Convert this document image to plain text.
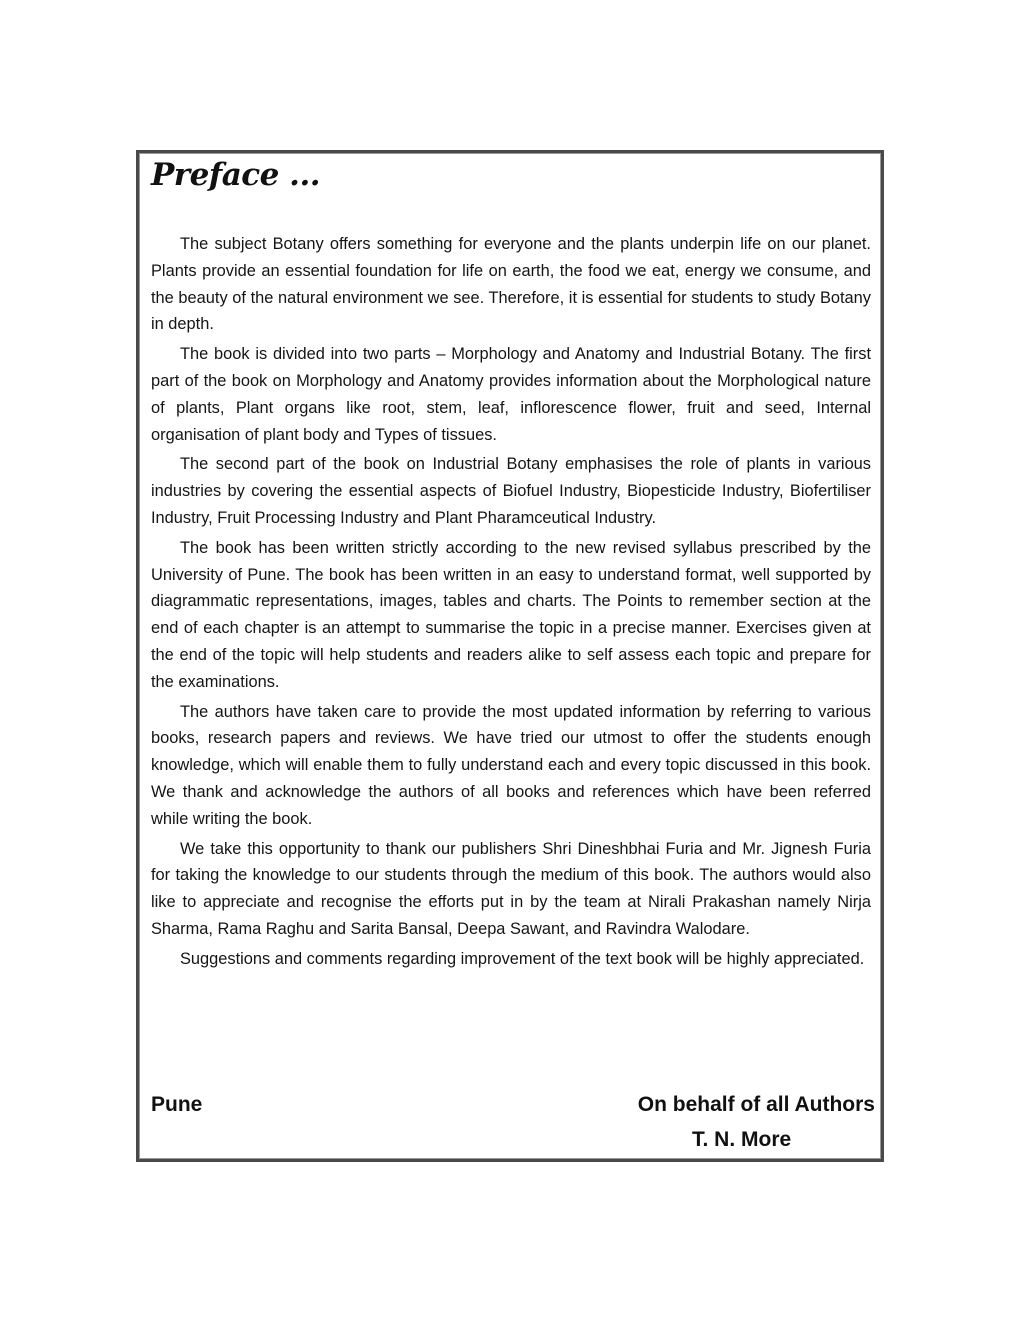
Preface ...

The subject Botany offers something for everyone and the plants underpin life on our planet. Plants provide an essential foundation for life on earth, the food we eat, energy we consume, and the beauty of the natural environment we see. Therefore, it is essential for students to study Botany in depth.

The book is divided into two parts – Morphology and Anatomy and Industrial Botany. The first part of the book on Morphology and Anatomy provides information about the Morphological nature of plants, Plant organs like root, stem, leaf, inflorescence flower, fruit and seed, Internal organisation of plant body and Types of tissues.

The second part of the book on Industrial Botany emphasises the role of plants in various industries by covering the essential aspects of Biofuel Industry, Biopesticide Industry, Biofertiliser Industry, Fruit Processing Industry and Plant Pharamceutical Industry.

The book has been written strictly according to the new revised syllabus prescribed by the University of Pune. The book has been written in an easy to understand format, well supported by diagrammatic representations, images, tables and charts. The Points to remember section at the end of each chapter is an attempt to summarise the topic in a precise manner. Exercises given at the end of the topic will help students and readers alike to self assess each topic and prepare for the examinations.

The authors have taken care to provide the most updated information by referring to various books, research papers and reviews. We have tried our utmost to offer the students enough knowledge, which will enable them to fully understand each and every topic discussed in this book. We thank and acknowledge the authors of all books and references which have been referred while writing the book.

We take this opportunity to thank our publishers Shri Dineshbhai Furia and Mr. Jignesh Furia for taking the knowledge to our students through the medium of this book. The authors would also like to appreciate and recognise the efforts put in by the team at Nirali Prakashan namely Nirja Sharma, Rama Raghu and Sarita Bansal, Deepa Sawant, and Ravindra Walodare.

Suggestions and comments regarding improvement of the text book will be highly appreciated.

Pune	On behalf of all Authors
T. N. More
